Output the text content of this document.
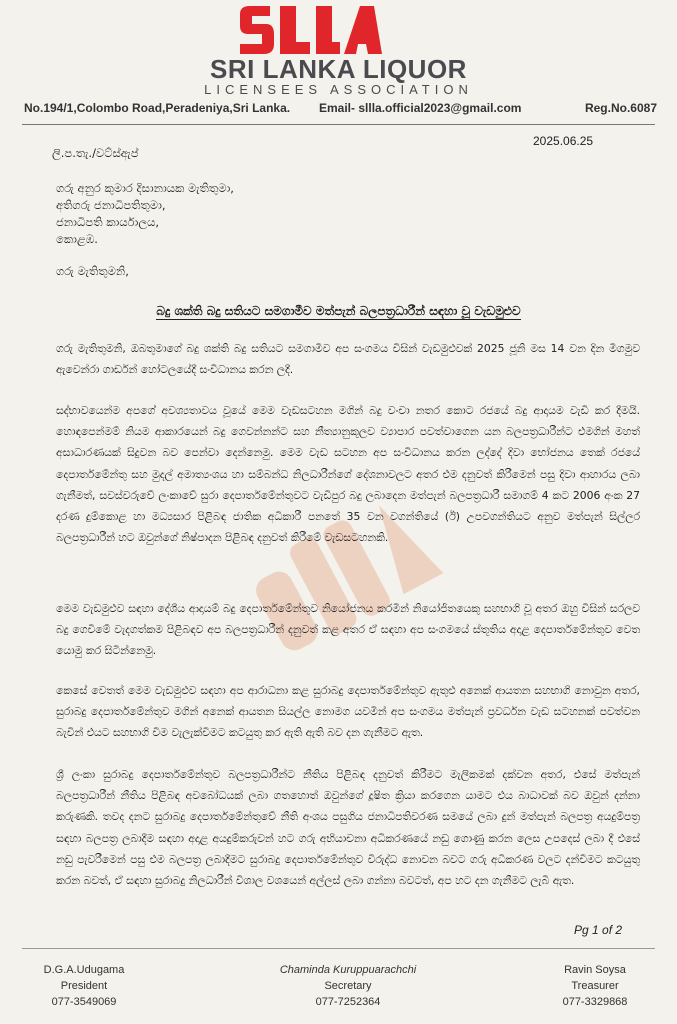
SRI LANKA LIQUOR
LICENSEES ASSOCIATION
No.194/1,Colombo Road,Peradeniya,Sri Lanka. Email- sllla.official2023@gmail.com	Reg.No.6087
ලි.ප.තැ./වට්ස්ඇප්
2025.06.25
ගරු අනුර කුමාර දිසානායක මැතිතුමා,
අතිගරු ජනාධිපතිතුමා,
ජනාධිපති කාර්යාලය,
කොළඹ.
ගරු මැතිතුමනි,
බදු ශක්ති බදු සතියට සමගාමීව මත්පැන් බලපත්‍රධාරීන් සඳහා වූ වැඩමුළුව

ගරු මැතිතුමනි, ඔබතුමාගේ බදු ශක්ති බදු සතියට සමගාමීව අප සංගමය විසින් වැඩමුළුවක් 2025 ජූනි මස 14 වන දින මීගමුව ඇවෙන්රා ගාර්ඩන් හෝටලයේදී සංවිධානය කරන ලදී.

සද්භාවයෙන්ම අපගේ අවශ්‍යතාවය වූයේ මෙම වැඩසටහන මගින් බදු වංචා නතර කොට රජයේ බදු ආදායම වැඩි කර දීමයි. හොඳපෙන්මම් නියම ආකාරයෙන් බදු ගෙවන්නන්ට සහ නීත්‍යානුකූලව ව්‍යාපාර පවත්වාගෙන යන බලපත්‍රධාරීන්ට එමගින් මහත් අසාධාරණයක් සිදුවන බව පෙන්වා දෙන්නෙමු. මෙම වැඩ සටහන අප සංවිධානය කරන ලද්දේ දිවා භෝජනය තෙක් රජයේ දෙපාර්තමේන්තු සහ මුදල් අමාත්‍යංශය හා සම්බන්ධ නිලධාරීන්ගේ දේශනාවලට අතර එම දනුවත් කිරීමෙන් පසු දිවා ආහාරය ලබා ගැනීමත්, සවස්වරුවේ ලංකාවේ සුරා දෙපාර්තමේන්තුවට වැඩිපුර බදු ලබාදෙන මත්පැන් බලපත්‍රධාරී සමාගම් 4 කට 2006 අංක 27 දරණ දුම්කොළ හා මධ්‍යසාර පිළිබඳ ජාතික අධිකාරී පනතේ 35 වන වගන්තියේ (ඊ) උපවගන්තියට අනුව මත්පැන් සිල්ලර බලපත්‍රධාරීන් හට ඔවුන්ගේ නිෂ්පාදන පිළිබඳ දනුවත් කිරීමේ වැඩසටහනකි.

මෙම වැඩමුළුව සඳහා දේශීය ආදායම් බදු දෙපාර්තමේන්තුව නියෝජනය කරමින් නියෝජිතයෙකු සහභාගි වූ අතර ඔහු විසින් සරලව බදු ගෙවීමේ වැදගත්කම පිළිබඳව අප බලපත්‍රධාරීන් දනුවත් කළ අතර ඒ සඳහා අප සංගමයේ ස්තූතිය අදාළ දෙපාර්තමේන්තුව වෙත යොමු කර සිටින්නෙමු.

කෙසේ වෙතත් මෙම වැඩමුළුව සඳහා අප ආරාධනා කළ සුරාබදු දෙපාර්තමේන්තුව ඇතුළු අනෙක් ආයතන සහභාගි නොවුන අතර, සුරාබදු දෙපාර්තමේන්තුව මගින් අනෙක් ආයතන සියල්ල නොමග යවමින් අප සංගමය මත්පැන් ප්‍රවර්ධන වැඩ සටහනක් පවත්වන බැවින් එයට සහභාගි වීම වැලැක්වීමට කටයුතු කර ඇති ඇති බව දන ගැනීමට ඇත.

ශ්‍රී ලංකා සුරාබදු දෙපාර්තමේන්තුව බලපත්‍රධාරීන්ට නීතිය පිළිබඳ දනුවත් කිරීමට මැලිකමක් දක්වන අතර, එසේ මත්පැන් බලපත්‍රධාරීන් නීතිය පිළිබඳ අවබෝධයක් ලබා ගතහොත් ඔවුන්ගේ දූෂිත ක්‍රියා කරගෙන යාමට එය බාධාවක් බව ඔවුන් දන්නා කරුණකි. තවද දනට සුරාබදු දෙපාර්තමේන්තුවේ නීති අංශය පසුගිය ජනාධිපතිවරණ සමයේ ලබා දුන් මත්පැන් බලපත්‍ර අයදුම්පත්‍ර සඳහා බලපත්‍ර ලබාදීම සඳහා අදාළ අයදුම්කරුවන් හට ගරු අභියාචනා අධිකරණයේ නඩු ගොණු කරන ලෙස උපදෙස් ලබා දී එසේ නඩු පැවරීමෙන් පසු එම බලපත්‍ර ලබාදීමට සුරාබදු දෙපාර්තමේන්තුව විරුද්ධ නොවන බවට ගරු අධිකරණ වලට දන්වීමට කටයුතු කරන බවත්, ඒ සඳහා සුරාබදු නිලධාරීන් විශාල වශයෙන් අල්ලස් ලබා ගන්නා බවටත්, අප හට දන ගැනීමට ලැබී ඇත.

Pg 1 of 2
D.G.A.Udugama
President
077-3549069
Chaminda Kuruppuarachchi
Secretary
077-7252364
Ravin Soysa
Treasurer
077-3329868
